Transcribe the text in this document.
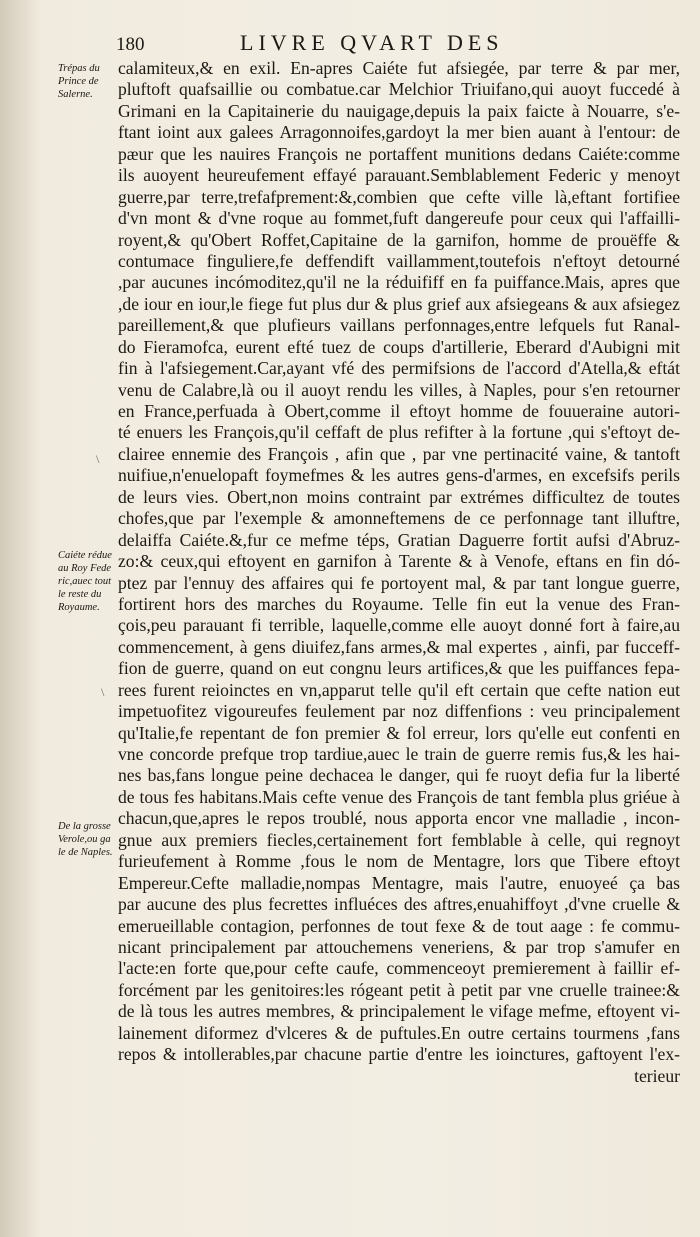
180	LIVRE QVART DES
calamiteux,& en exil. En-apres Caiéte fut afsiegée, par terre & par mer,
pluftoft quafsaillie ou combatue.car Melchior Triuifano,qui auoyt fuccedé à
Grimani en la Capitainerie du nauigage,depuis la paix faicte à Nouarre, s'e-
ftant ioint aux galees Arragonnoifes,gardoyt la mer bien auant à l'entour: de
pæur que les nauires François ne portaffent munitions dedans Caiéte:comme
ils auoyent heureufement effayé parauant.Semblablement Federic y menoyt
guerre,par terre,trefafprement:&,combien que cefte ville là,eftant fortifiee
d'vn mont & d'vne roque au fommet,fuft dangereufe pour ceux qui l'affailli-
royent,& qu'Obert Roffet,Capitaine de la garnifon, homme de prouëffe &
contumace finguliere,fe deffendift vaillamment,toutefois n'eftoyt detourné
,par aucunes incómoditez,qu'il ne la réduififf en fa puiffance.Mais, apres que
,de iour en iour,le fiege fut plus dur & plus grief aux afsiegeans & aux afsiegez
pareillement,& que plufieurs vaillans perfonnages,entre lefquels fut Ranal-
do Fieramofca, eurent efté tuez de coups d'artillerie, Eberard d'Aubigni mit
fin à l'afsiegement.Car,ayant vfé des permifsions de l'accord d'Atella,& eftát
venu de Calabre,là ou il auoyt rendu les villes, à Naples, pour s'en retourner
en France,perfuada à Obert,comme il eftoyt homme de fouueraine autori-
té enuers les François,qu'il ceffaft de plus refifter à la fortune ,qui s'eftoyt de-
clairee ennemie des François , afin que , par vne pertinacité vaine, & tantoft
nuifiue,n'enuelopaft foymefmes & les autres gens-d'armes, en excefsifs perils
de leurs vies. Obert,non moins contraint par extrémes difficultez de toutes
chofes,que par l'exemple & amonneftemens de ce perfonnage tant illuftre,
delaiffa Caiéte.&,fur ce mefme téps, Gratian Daguerre fortit aufsi d'Abruz-
zo:& ceux,qui eftoyent en garnifon à Tarente & à Venofe, eftans en fin dó-
ptez par l'ennuy des affaires qui fe portoyent mal, & par tant longue guerre,
fortirent hors des marches du Royaume. Telle fin eut la venue des Fran-
çois,peu parauant fi terrible, laquelle,comme elle auoyt donné fort à faire,au
commencement, à gens diuifez,fans armes,& mal expertes , ainfi, par fucceff-
fion de guerre, quand on eut congnu leurs artifices,& que les puiffances fepa-
rees furent reioinctes en vn,apparut telle qu'il eft certain que cefte nation eut
impetuofitez vigoureufes feulement par noz diffenfions : veu principalement
qu'Italie,fe repentant de fon premier & fol erreur, lors qu'elle eut confenti en
vne concorde prefque trop tardiue,auec le train de guerre remis fus,& les hai-
nes bas,fans longue peine dechacea le danger, qui fe ruoyt defia fur la liberté
de tous fes habitans.Mais cefte venue des François de tant fembla plus griéue à
chacun,que,apres le repos troublé, nous apporta encor vne malladie , incon-
gnue aux premiers fiecles,certainement fort femblable à celle, qui regnoyt
furieufement à Romme ,fous le nom de Mentagre, lors que Tibere eftoyt
Empereur.Cefte malladie,nompas Mentagre, mais l'autre, enuoyeé ça bas
par aucune des plus fecrettes influéces des aftres,enuahiffoyt ,d'vne cruelle &
emerueillable contagion, perfonnes de tout fexe & de tout aage : fe commu-
nicant principalement par attouchemens veneriens, & par trop s'amufer en
l'acte:en forte que,pour cefte caufe, commenceoyt premierement à faillir ef-
forcément par les genitoires:les rógeant petit à petit par vne cruelle trainee:&
de là tous les autres membres, & principalement le vifage mefme, eftoyent vi-
lainement diformez d'vlceres & de puftules.En outre certains tourmens ,fans
repos & intollerables,par chacune partie d'entre les ioinctures, gaftoyent l'ex-
terieur
Trépas du
Prince de
Salerne.
Caiéte rédue
au Roy Fede
ric,auec tout
le reste du
Royaume.
De la grosse
Verole,ou ga
le de Naples.
\
\
